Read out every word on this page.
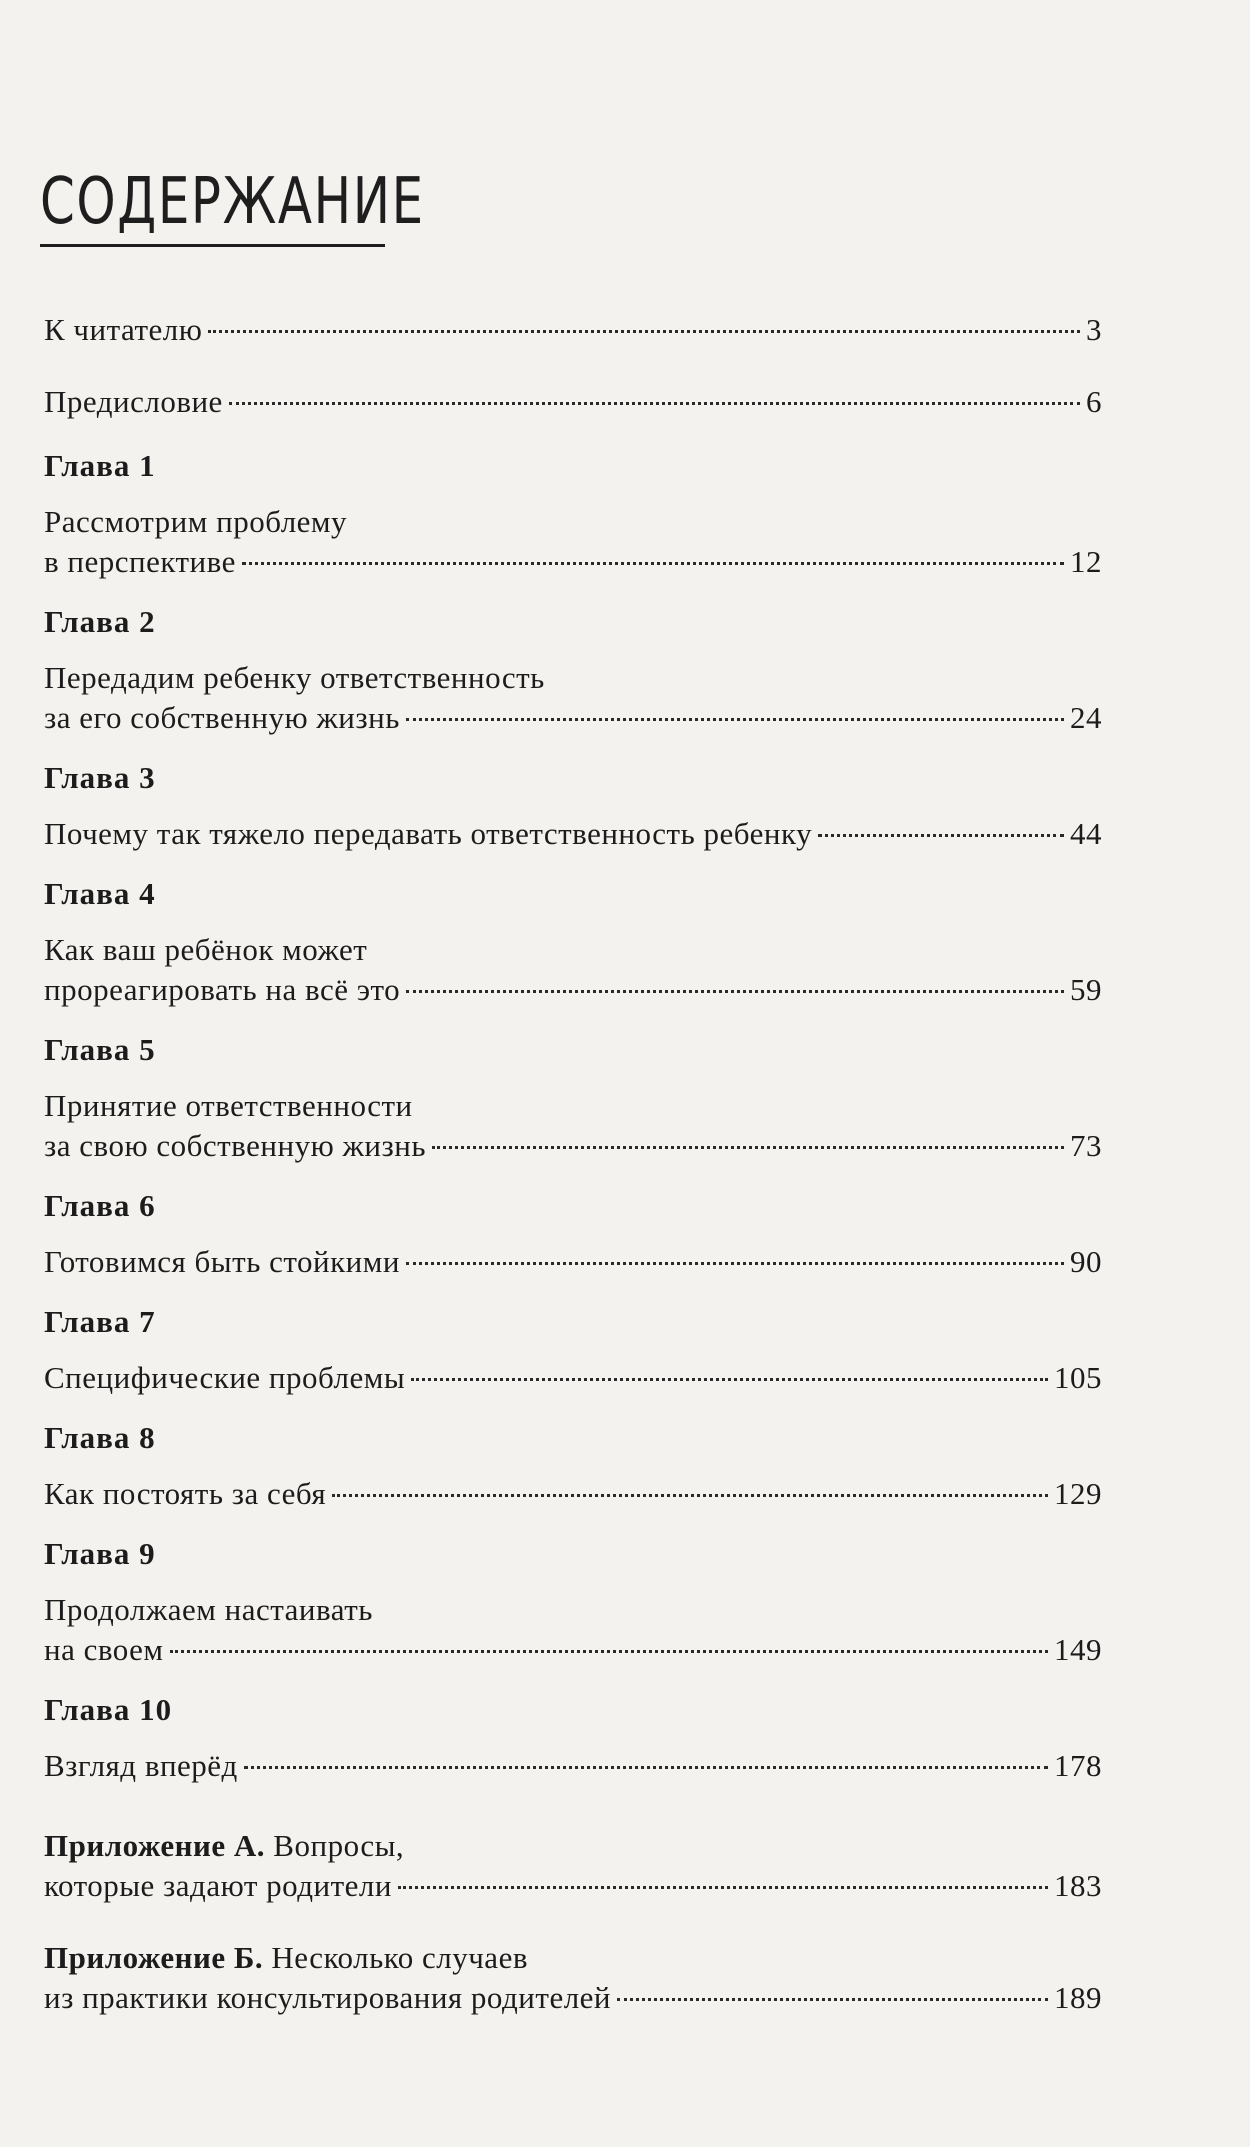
СОДЕРЖАНИЕ
К читателю	3
Предисловие	6
Глава 1
Рассмотрим проблему
в перспективе	12
Глава 2
Передадим ребенку ответственность
за его собственную жизнь	24
Глава 3
Почему так тяжело передавать ответственность ребенку	44
Глава 4
Как ваш ребёнок может
прореагировать на всё это	59
Глава 5
Принятие ответственности
за свою собственную жизнь	73
Глава 6
Готовимся быть стойкими	90
Глава 7
Специфические проблемы	105
Глава 8
Как постоять за себя	129
Глава 9
Продолжаем настаивать
на своем	149
Глава 10
Взгляд вперёд	178
Приложение А. Вопросы,
которые задают родители	183
Приложение Б. Несколько случаев
из практики консультирования родителей	189
